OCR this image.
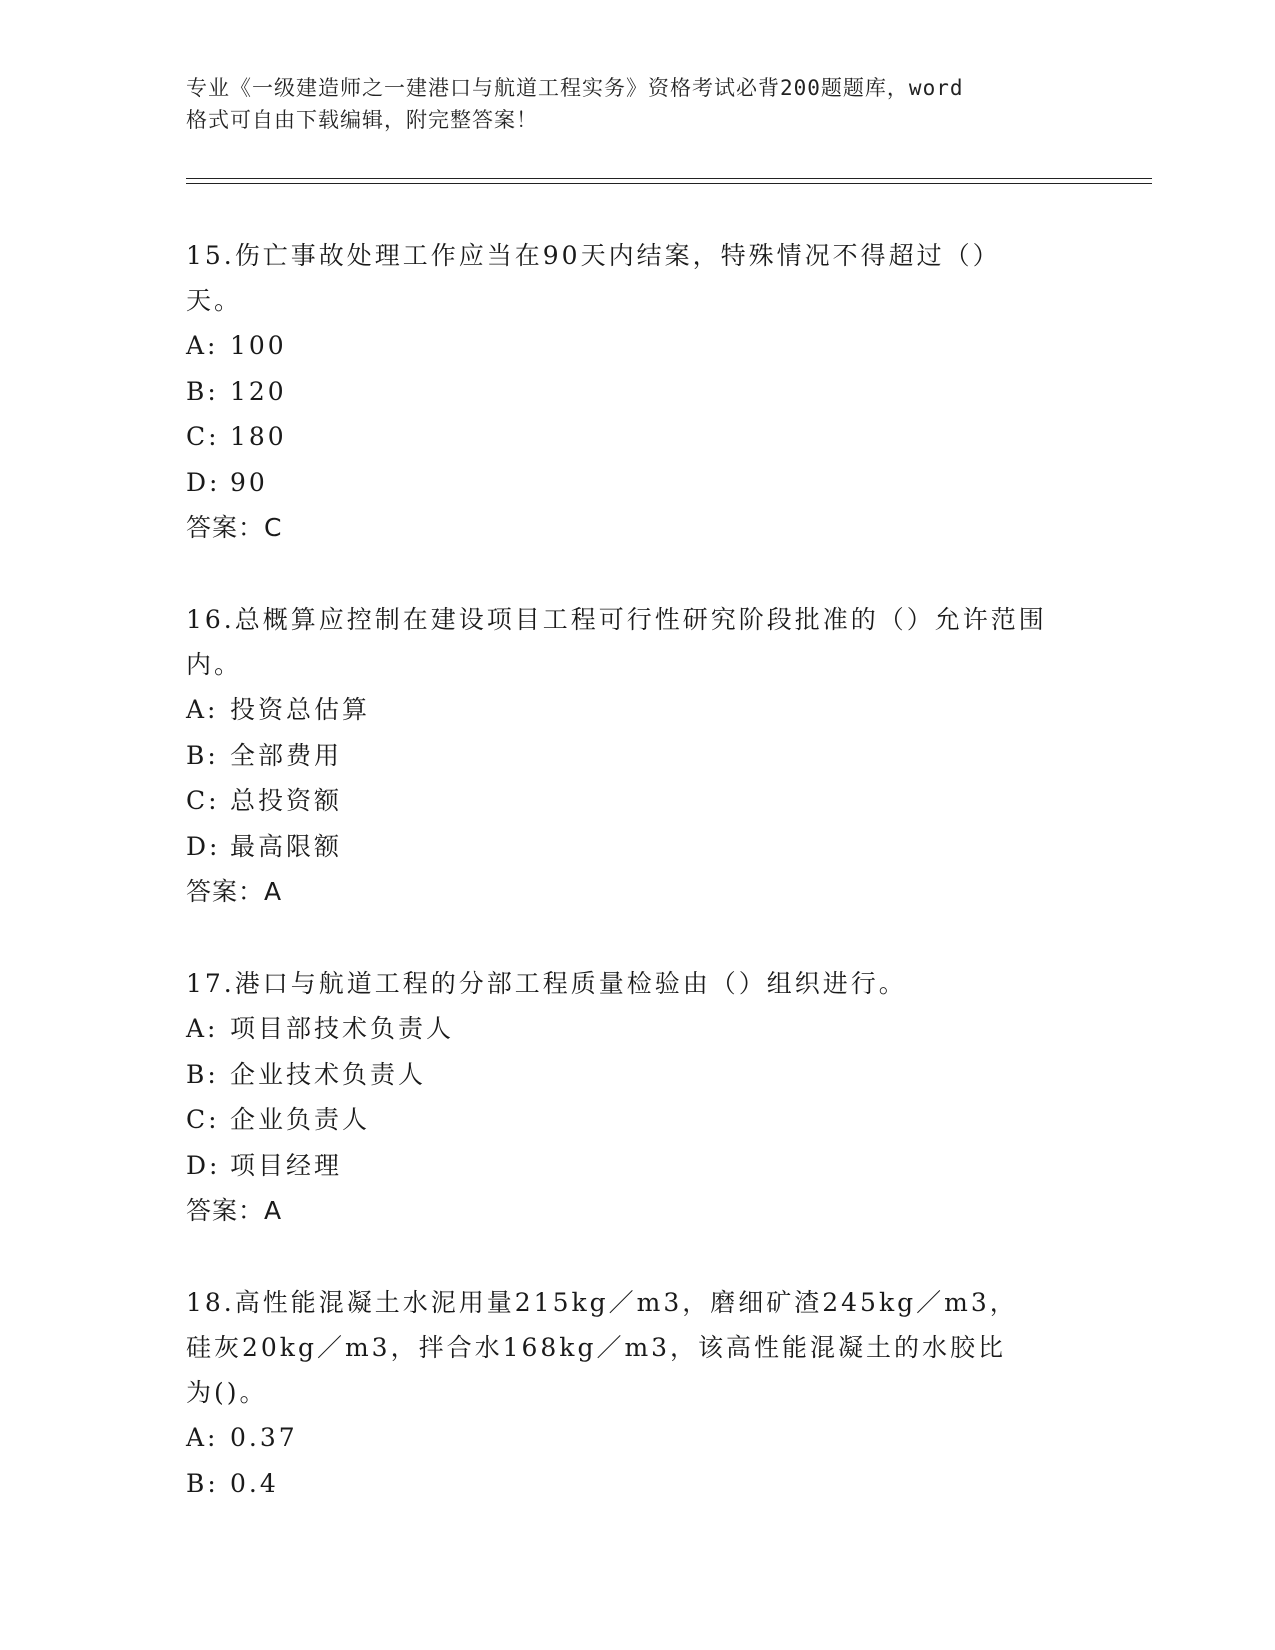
专业《一级建造师之一建港口与航道工程实务》资格考试必背200题题库，word
格式可自由下载编辑，附完整答案！

15.伤亡事故处理工作应当在90天内结案，特殊情况不得超过（）天。

A: 100

B: 120

C: 180

D: 90

答案：C

16.总概算应控制在建设项目工程可行性研究阶段批准的（）允许范围内。

A: 投资总估算

B: 全部费用

C: 总投资额

D: 最高限额

答案：A

17.港口与航道工程的分部工程质量检验由（）组织进行。

A: 项目部技术负责人

B: 企业技术负责人

C: 企业负责人

D: 项目经理

答案：A

18.高性能混凝土水泥用量215kg／m3，磨细矿渣245kg／m3，硅灰20kg／m3，拌合水168kg／m3，该高性能混凝土的水胶比为()。

A: 0.37

B: 0.4
